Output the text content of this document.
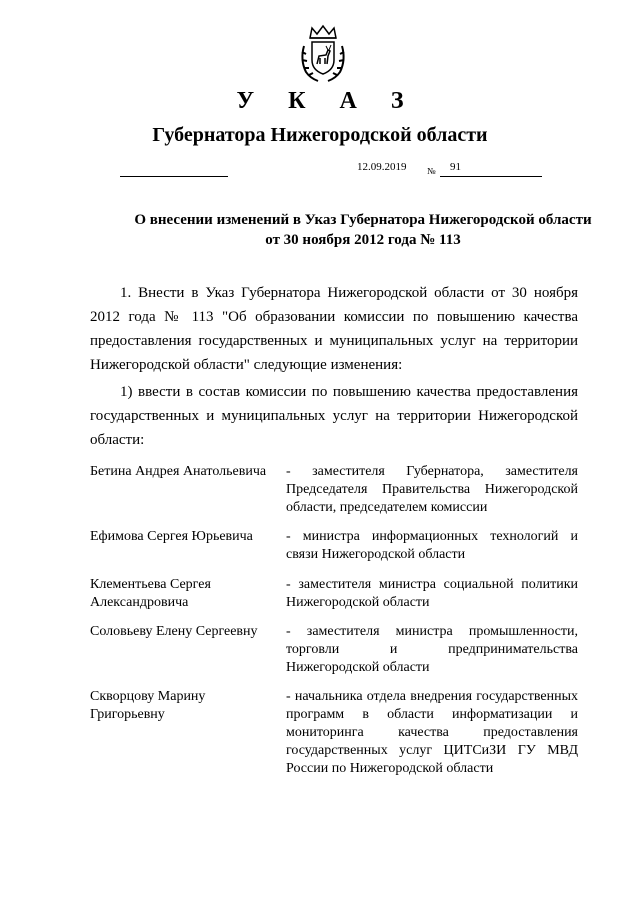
У К А З
Губернатора Нижегородской области
12.09.2019 № 91
О внесении изменений в Указ Губернатора Нижегородской области от 30 ноября 2012 года № 113
1. Внести в Указ Губернатора Нижегородской области от 30 ноября 2012 года № 113 "Об образовании комиссии по повышению качества предоставления государственных и муниципальных услуг на территории Нижегородской области" следующие изменения:
1) ввести в состав комиссии по повышению качества предоставления государственных и муниципальных услуг на территории Нижегородской области:
Бетина Андрея Анатольевича - заместителя Губернатора, заместителя Председателя Правительства Нижегородской области, председателем комиссии
Ефимова Сергея Юрьевича	- министра информационных технологий и связи Нижегородской области
Клементьева Сергея Александровича
- заместителя министра социальной политики Нижегородской области
Соловьеву Елену Сергеевну	- заместителя министра промышленности, торговли и предпринимательства Нижегородской области
Скворцову Марину Григорьевну
- начальника отдела внедрения государственных программ в области информатизации и мониторинга качества предоставления государственных услуг ЦИТСиЗИ ГУ МВД России по Нижегородской области
